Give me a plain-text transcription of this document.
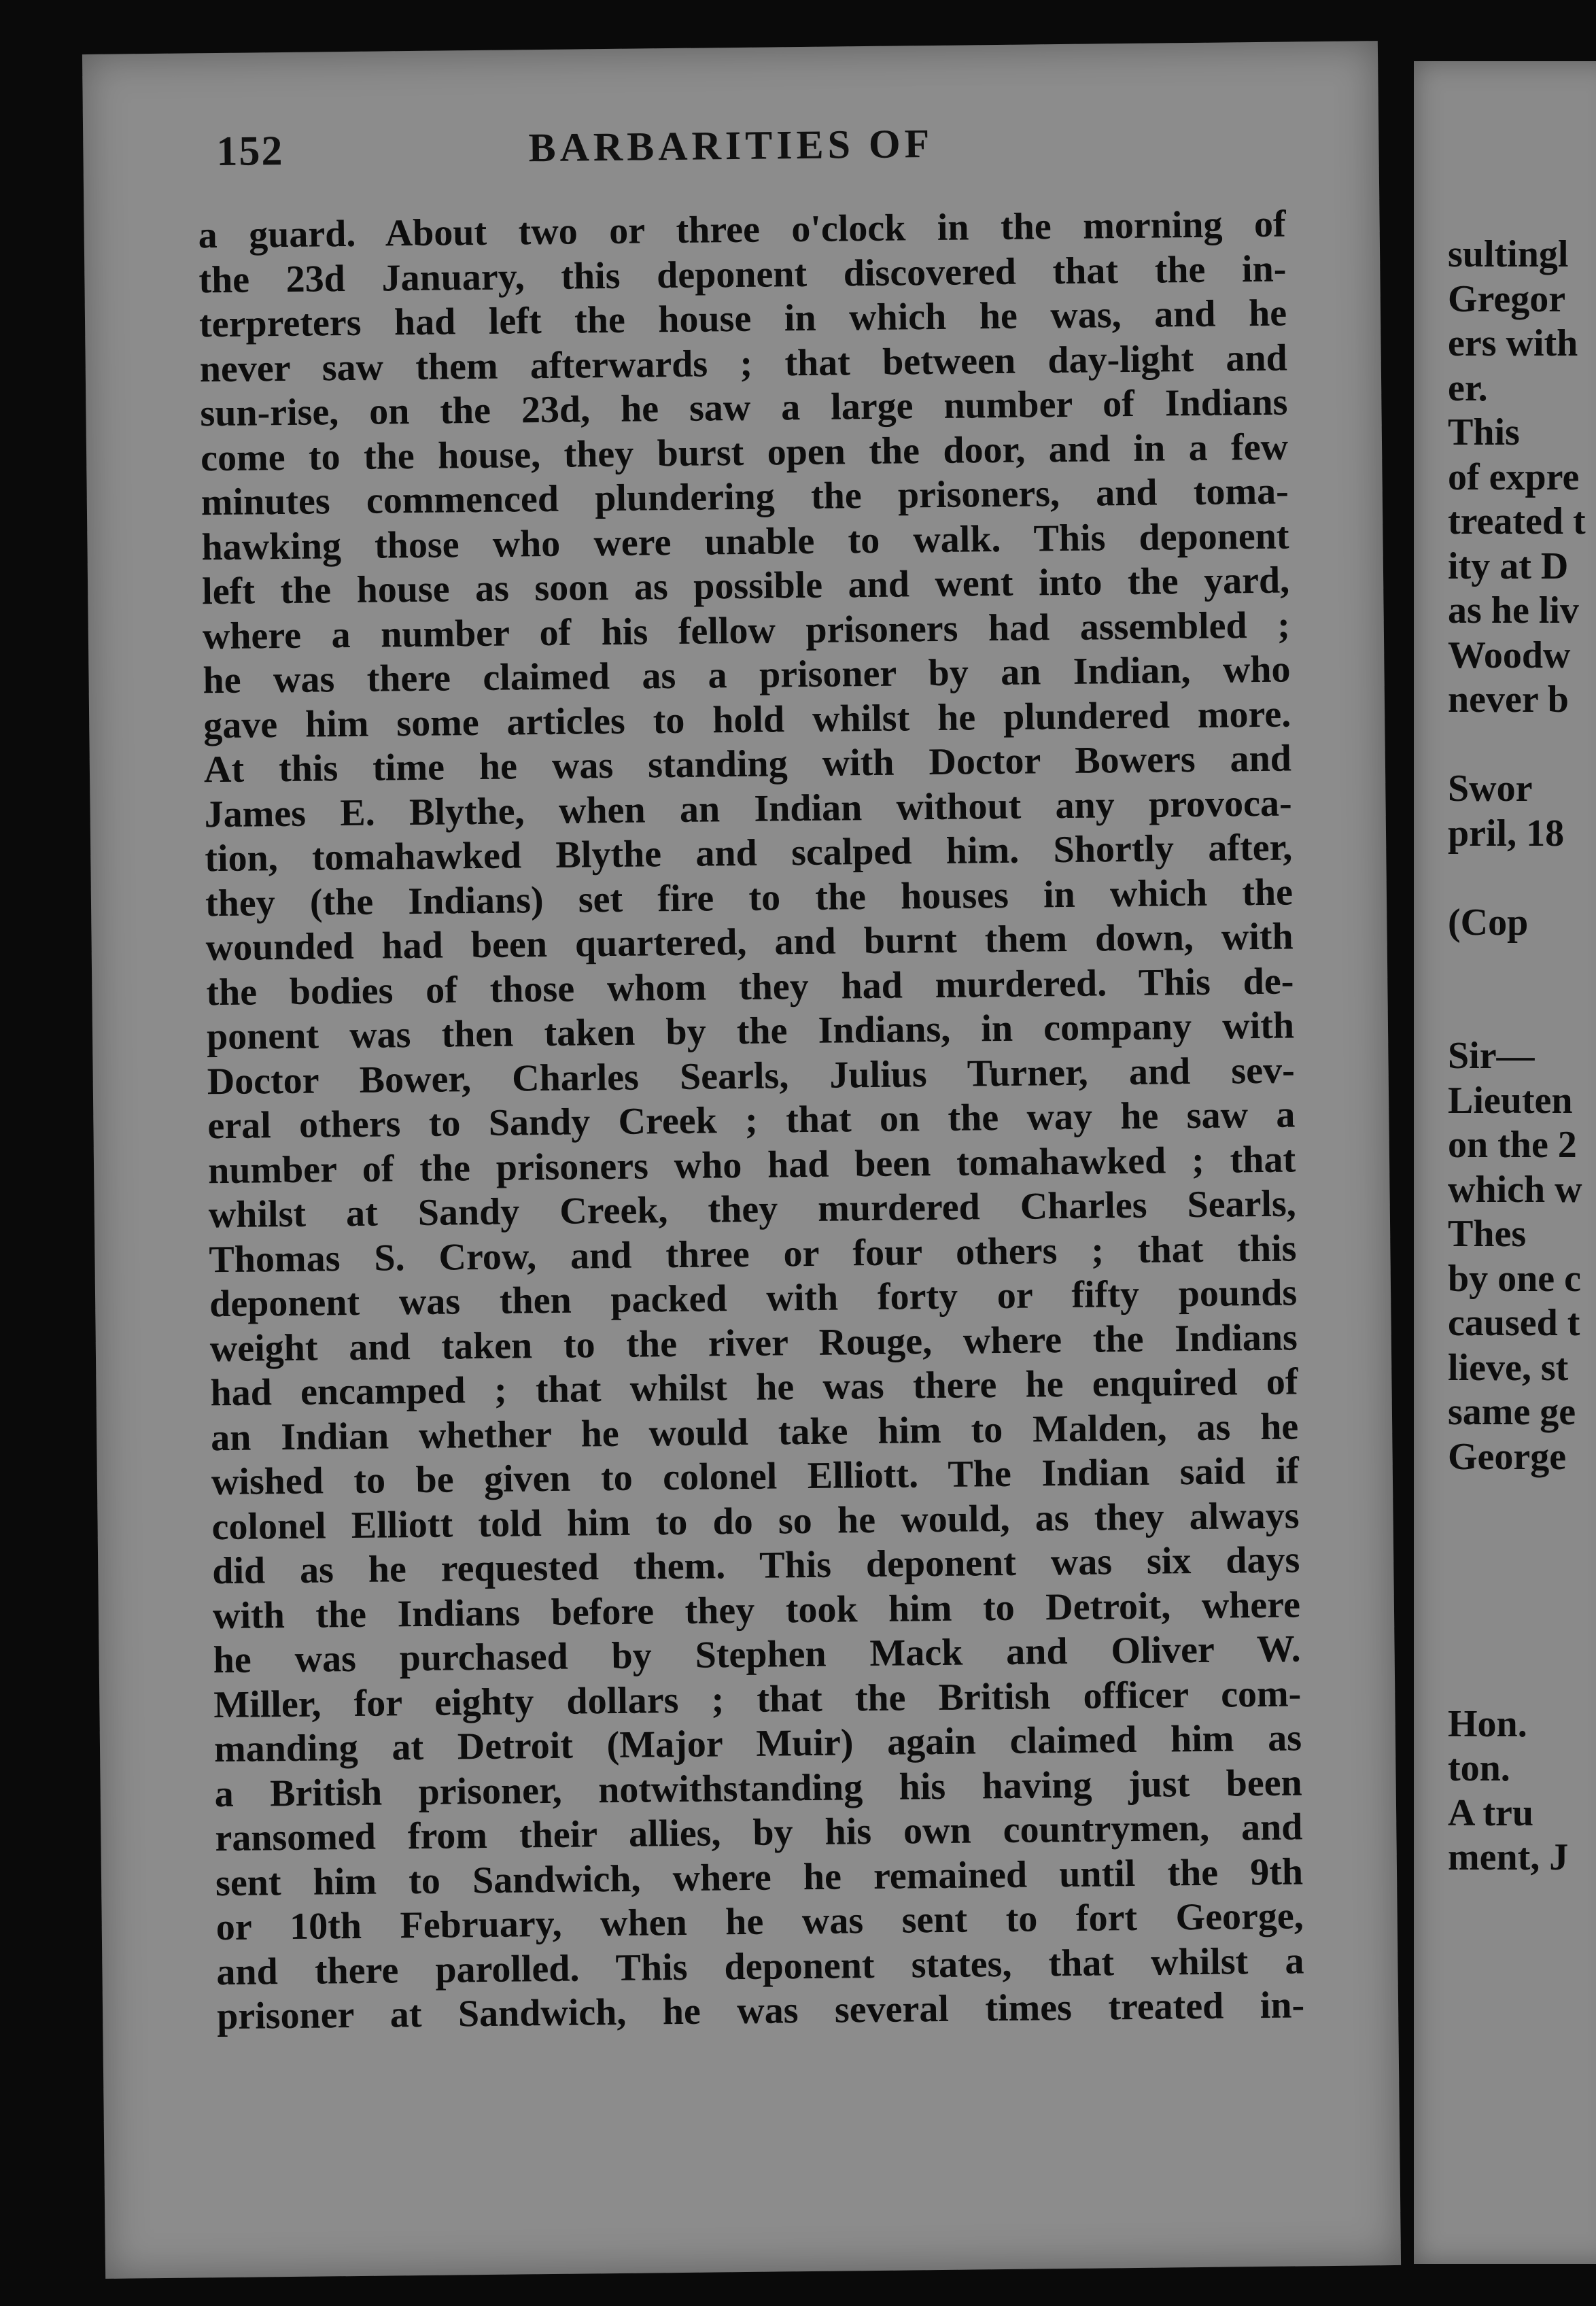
152	BARBARITIES OF
a guard. About two or three o'clock in the morning of
the 23d January, this deponent discovered that the in-
terpreters had left the house in which he was, and he
never saw them afterwards ; that between day-light and
sun-rise, on the 23d, he saw a large number of Indians
come to the house, they burst open the door, and in a few
minutes commenced plundering the prisoners, and toma-
hawking those who were unable to walk. This deponent
left the house as soon as possible and went into the yard,
where a number of his fellow prisoners had assembled ;
he was there claimed as a prisoner by an Indian, who
gave him some articles to hold whilst he plundered more.
At this time he was standing with Doctor Bowers and
James E. Blythe, when an Indian without any provoca-
tion, tomahawked Blythe and scalped him. Shortly after,
they (the Indians) set fire to the houses in which the
wounded had been quartered, and burnt them down, with
the bodies of those whom they had murdered. This de-
ponent was then taken by the Indians, in company with
Doctor Bower, Charles Searls, Julius Turner, and sev-
eral others to Sandy Creek ; that on the way he saw a
number of the prisoners who had been tomahawked ; that
whilst at Sandy Creek, they murdered Charles Searls,
Thomas S. Crow, and three or four others ; that this
deponent was then packed with forty or fifty pounds
weight and taken to the river Rouge, where the Indians
had encamped ; that whilst he was there he enquired of
an Indian whether he would take him to Malden, as he
wished to be given to colonel Elliott. The Indian said if
colonel Elliott told him to do so he would, as they always
did as he requested them. This deponent was six days
with the Indians before they took him to Detroit, where
he was purchased by Stephen Mack and Oliver W.
Miller, for eighty dollars ; that the British officer com-
manding at Detroit (Major Muir) again claimed him as
a British prisoner, notwithstanding his having just been
ransomed from their allies, by his own countrymen, and
sent him to Sandwich, where he remained until the 9th
or 10th February, when he was sent to fort George,
and there parolled. This deponent states, that whilst a
prisoner at Sandwich, he was several times treated in-
sultingl
Gregor
ers with
er.
This
of expre
treated t
ity at D
as he liv
Woodw
never b
Swor
pril, 18
(Cop
Sir—
Lieuten
on the 2
which w
Thes
by one c
caused t
lieve, st
same ge
George
Hon.
ton.
A tru
ment, J
